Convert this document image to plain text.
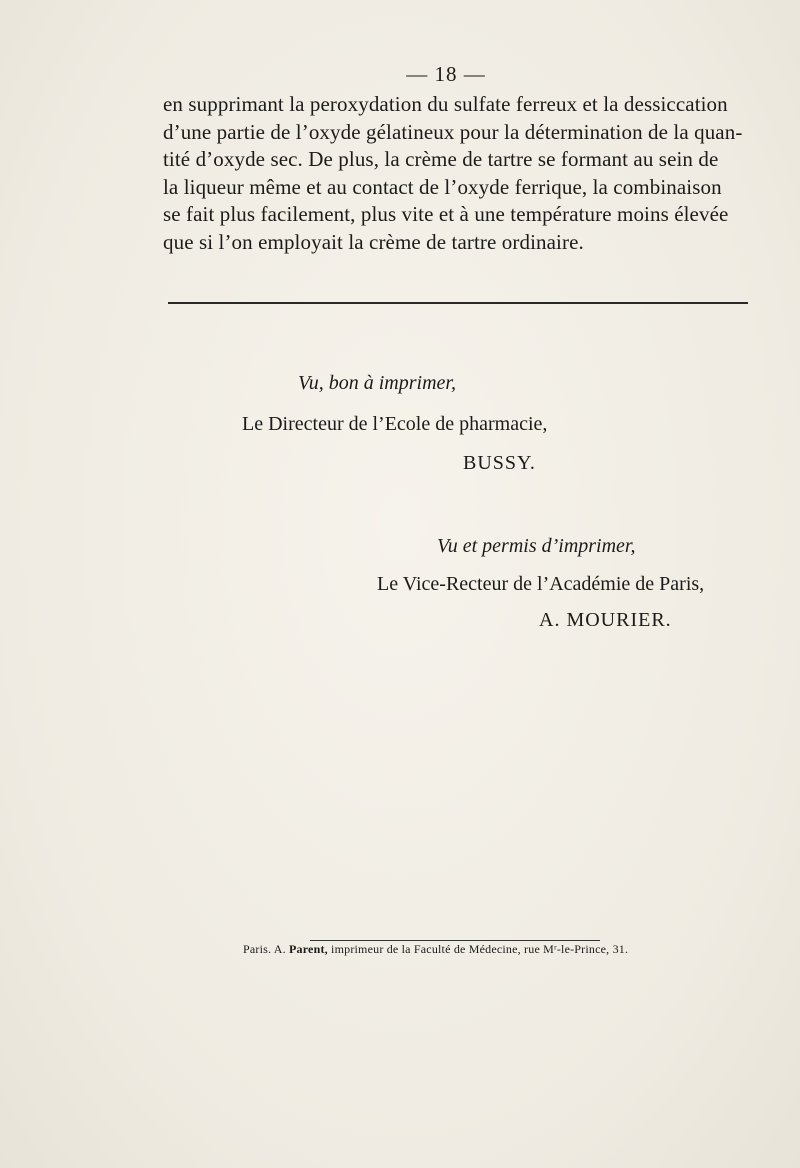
— 18 —

en supprimant la peroxydation du sulfate ferreux et la dessiccation

d’une partie de l’oxyde gélatineux pour la détermination de la quan-

tité d’oxyde sec. De plus, la crème de tartre se formant au sein de

la liqueur même et au contact de l’oxyde ferrique, la combinaison

se fait plus facilement, plus vite et à une température moins élevée

que si l’on employait la crème de tartre ordinaire.

Vu, bon à imprimer,
Le Directeur de l’Ecole de pharmacie,
BUSSY.
Vu et permis d’imprimer,
Le Vice-Recteur de l’Académie de Paris,
A. MOURIER.
Paris. A. Parent, imprimeur de la Faculté de Médecine, rue Mʳ-le-Prince, 31.
